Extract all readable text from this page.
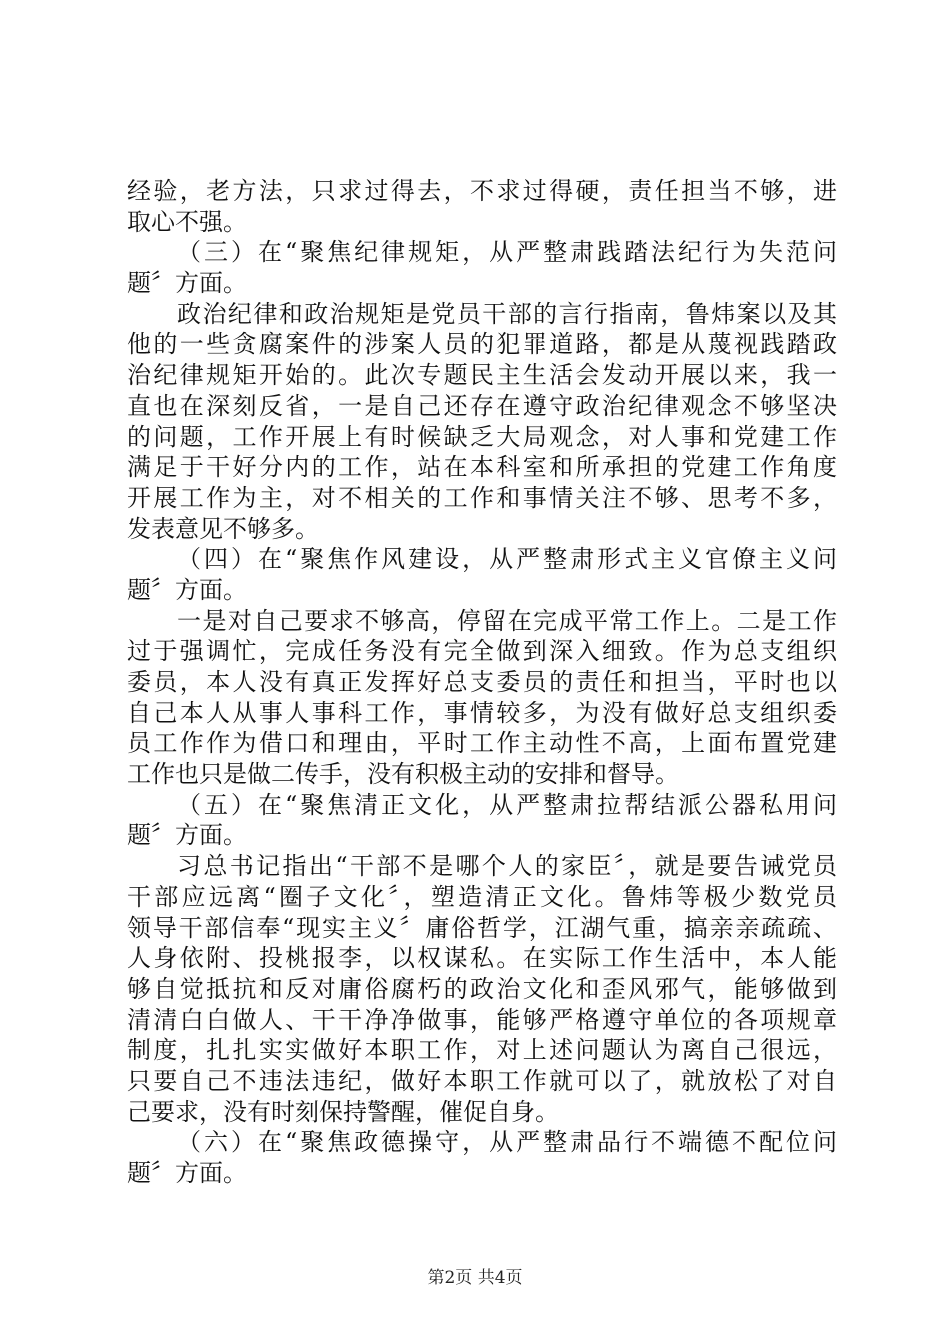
经验，老方法，只求过得去，不求过得硬，责任担当不够，进
取心不强。
（三）在“聚焦纪律规矩，从严整肃践踏法纪行为失范问
题〞方面。
政治纪律和政治规矩是党员干部的言行指南，鲁炜案以及其
他的一些贪腐案件的涉案人员的犯罪道路，都是从蔑视践踏政
治纪律规矩开始的。此次专题民主生活会发动开展以来，我一
直也在深刻反省，一是自己还存在遵守政治纪律观念不够坚决
的问题，工作开展上有时候缺乏大局观念，对人事和党建工作
满足于干好分内的工作，站在本科室和所承担的党建工作角度
开展工作为主，对不相关的工作和事情关注不够、思考不多，
发表意见不够多。
（四）在“聚焦作风建设，从严整肃形式主义官僚主义问
题〞方面。
一是对自己要求不够高，停留在完成平常工作上。二是工作
过于强调忙，完成任务没有完全做到深入细致。作为总支组织
委员，本人没有真正发挥好总支委员的责任和担当，平时也以
自己本人从事人事科工作，事情较多，为没有做好总支组织委
员工作作为借口和理由，平时工作主动性不高，上面布置党建
工作也只是做二传手，没有积极主动的安排和督导。
（五）在“聚焦清正文化，从严整肃拉帮结派公器私用问
题〞方面。
习总书记指出“干部不是哪个人的家臣〞，就是要告诫党员
干部应远离“圈子文化〞，塑造清正文化。鲁炜等极少数党员
领导干部信奉“现实主义〞庸俗哲学，江湖气重，搞亲亲疏疏、
人身依附、投桃报李，以权谋私。在实际工作生活中，本人能
够自觉抵抗和反对庸俗腐朽的政治文化和歪风邪气，能够做到
清清白白做人、干干净净做事，能够严格遵守单位的各项规章
制度，扎扎实实做好本职工作，对上述问题认为离自己很远，
只要自己不违法违纪，做好本职工作就可以了，就放松了对自
己要求，没有时刻保持警醒，催促自身。
（六）在“聚焦政德操守，从严整肃品行不端德不配位问
题〞方面。
第2页 共4页
